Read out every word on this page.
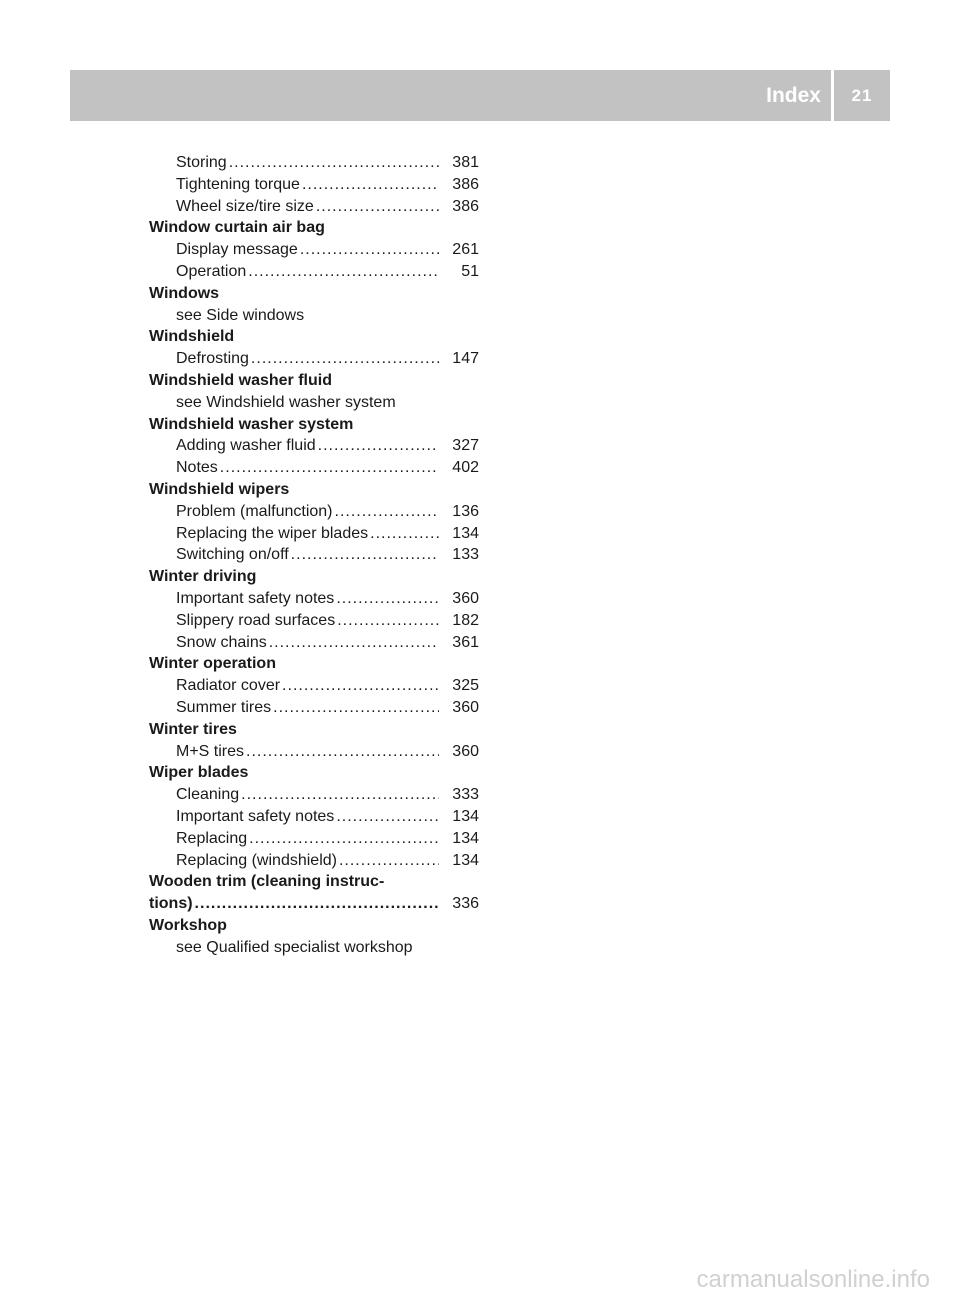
Index	21
Storing .....	381
Tightening torque .....	386
Wheel size/tire size .....	386
Window curtain air bag
Display message .....	261
Operation .....	51
Windows
see Side windows
Windshield
Defrosting .....	147
Windshield washer fluid
see Windshield washer system
Windshield washer system
Adding washer fluid .....	327
Notes .....	402
Windshield wipers
Problem (malfunction) .....	136
Replacing the wiper blades .....	134
Switching on/off .....	133
Winter driving
Important safety notes .....	360
Slippery road surfaces .....	182
Snow chains .....	361
Winter operation
Radiator cover .....	325
Summer tires .....	360
Winter tires
M+S tires .....	360
Wiper blades
Cleaning .....	333
Important safety notes .....	134
Replacing .....	134
Replacing (windshield) .....	134
Wooden trim (cleaning instruc-
tions) .....	336
Workshop
see Qualified specialist workshop
carmanualsonline.info
